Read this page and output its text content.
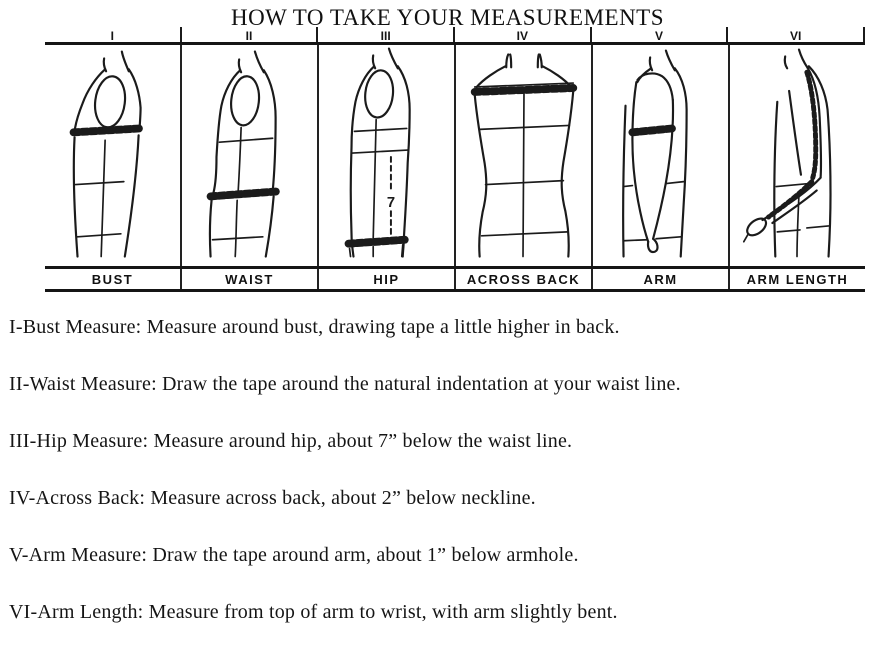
HOW TO TAKE YOUR MEASUREMENTS
I	II	III	IV	V	VI
7
BUST	WAIST	HIP	ACROSS BACK	ARM	ARM LENGTH

I-Bust Measure: Measure around bust, drawing tape a little higher in back.

II-Waist Measure: Draw the tape around the natural indentation at your waist line.

III-Hip Measure: Measure around hip, about 7” below the waist line.

IV-Across Back: Measure across back, about 2” below neckline.

V-Arm Measure: Draw the tape around arm, about 1” below armhole.

VI-Arm Length: Measure from top of arm to wrist, with arm slightly bent.
